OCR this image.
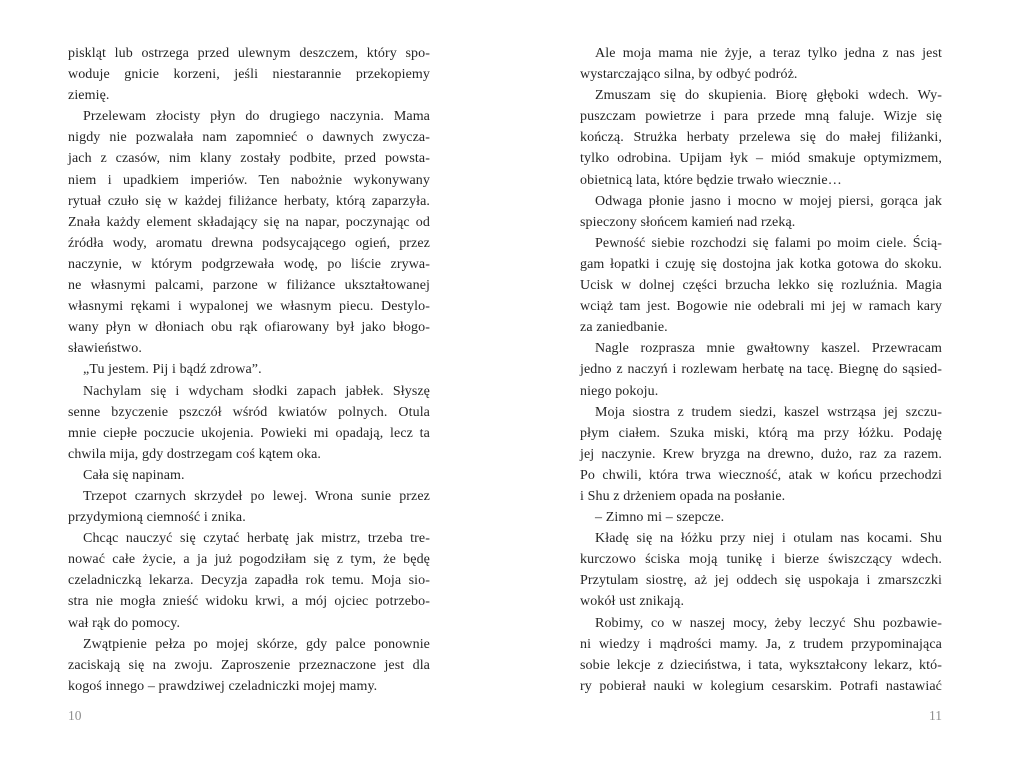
piskląt lub ostrzega przed ulewnym deszczem, który spo-
woduje gnicie korzeni, jeśli niestarannie przekopiemy
ziemię.
Przelewam złocisty płyn do drugiego naczynia. Mama
nigdy nie pozwalała nam zapomnieć o dawnych zwycza-
jach z czasów, nim klany zostały podbite, przed powsta-
niem i upadkiem imperiów. Ten nabożnie wykonywany
rytuał czuło się w każdej filiżance herbaty, którą zaparzyła.
Znała każdy element składający się na napar, poczynając od
źródła wody, aromatu drewna podsycającego ogień, przez
naczynie, w którym podgrzewała wodę, po liście zrywa-
ne własnymi palcami, parzone w filiżance ukształtowanej
własnymi rękami i wypalonej we własnym piecu. Destylo-
wany płyn w dłoniach obu rąk ofiarowany był jako błogo-
sławieństwo.
„Tu jestem. Pij i bądź zdrowa”.
Nachylam się i wdycham słodki zapach jabłek. Słyszę
senne bzyczenie pszczół wśród kwiatów polnych. Otula
mnie ciepłe poczucie ukojenia. Powieki mi opadają, lecz ta
chwila mija, gdy dostrzegam coś kątem oka.
Cała się napinam.
Trzepot czarnych skrzydeł po lewej. Wrona sunie przez
przydymioną ciemność i znika.
Chcąc nauczyć się czytać herbatę jak mistrz, trzeba tre-
nować całe życie, a ja już pogodziłam się z tym, że będę
czeladniczką lekarza. Decyzja zapadła rok temu. Moja sio-
stra nie mogła znieść widoku krwi, a mój ojciec potrzebo-
wał rąk do pomocy.
Zwątpienie pełza po mojej skórze, gdy palce ponownie
zaciskają się na zwoju. Zaproszenie przeznaczone jest dla
kogoś innego – prawdziwej czeladniczki mojej mamy.
Ale moja mama nie żyje, a teraz tylko jedna z nas jest
wystarczająco silna, by odbyć podróż.
Zmuszam się do skupienia. Biorę głęboki wdech. Wy-
puszczam powietrze i para przede mną faluje. Wizje się
kończą. Strużka herbaty przelewa się do małej filiżanki,
tylko odrobina. Upijam łyk – miód smakuje optymizmem,
obietnicą lata, które będzie trwało wiecznie…
Odwaga płonie jasno i mocno w mojej piersi, gorąca jak
spieczony słońcem kamień nad rzeką.
Pewność siebie rozchodzi się falami po moim ciele. Ścią-
gam łopatki i czuję się dostojna jak kotka gotowa do skoku.
Ucisk w dolnej części brzucha lekko się rozluźnia. Magia
wciąż tam jest. Bogowie nie odebrali mi jej w ramach kary
za zaniedbanie.
Nagle rozprasza mnie gwałtowny kaszel. Przewracam
jedno z naczyń i rozlewam herbatę na tacę. Biegnę do sąsied-
niego pokoju.
Moja siostra z trudem siedzi, kaszel wstrząsa jej szczu-
płym ciałem. Szuka miski, którą ma przy łóżku. Podaję
jej naczynie. Krew bryzga na drewno, dużo, raz za razem.
Po chwili, która trwa wieczność, atak w końcu przechodzi
i Shu z drżeniem opada na posłanie.
– Zimno mi – szepcze.
Kładę się na łóżku przy niej i otulam nas kocami. Shu
kurczowo ściska moją tunikę i bierze świszczący wdech.
Przytulam siostrę, aż jej oddech się uspokaja i zmarszczki
wokół ust znikają.
Robimy, co w naszej mocy, żeby leczyć Shu pozbawie-
ni wiedzy i mądrości mamy. Ja, z trudem przypominająca
sobie lekcje z dzieciństwa, i tata, wykształcony lekarz, któ-
ry pobierał nauki w kolegium cesarskim. Potrafi nastawiać
10	11
